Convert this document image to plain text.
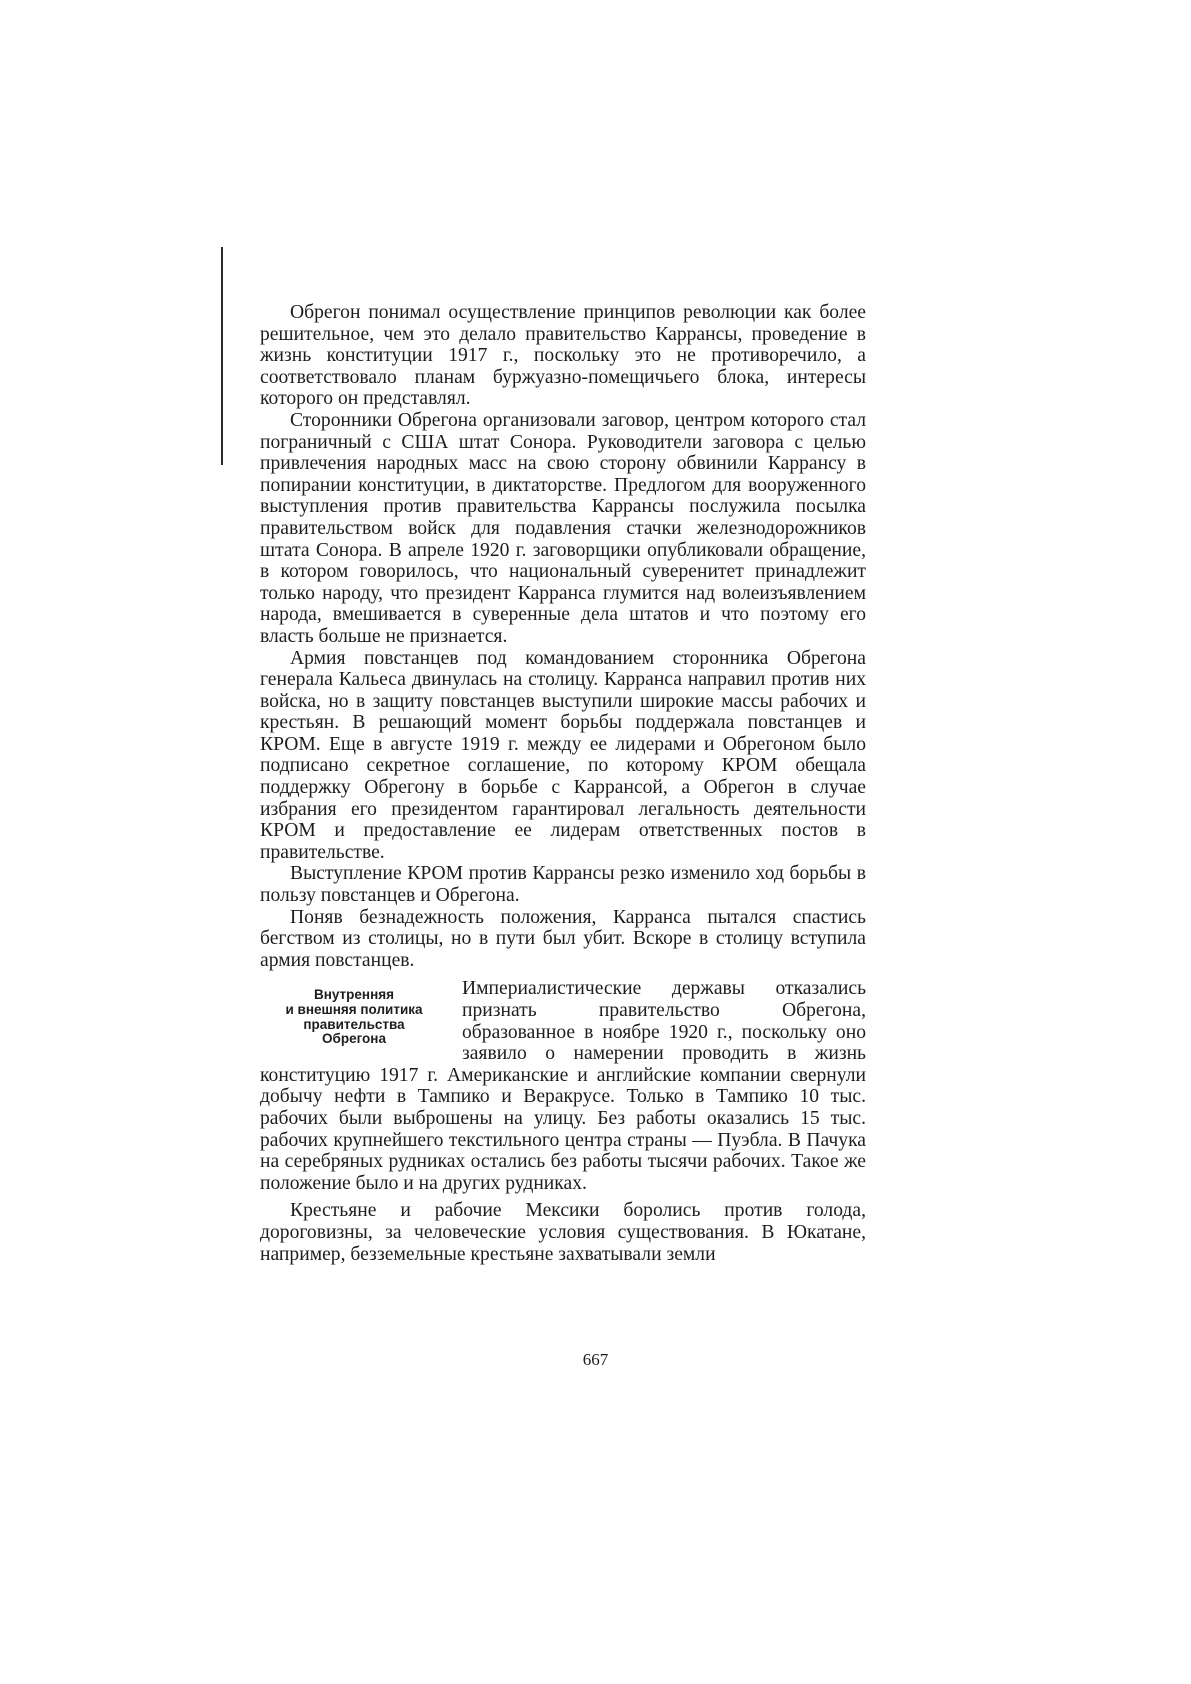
Обрегон понимал осуществление принципов революции как более решительное, чем это делало правительство Каррансы, проведение в жизнь конституции 1917 г., поскольку это не противоречило, а соответствовало планам буржуазно-помещичьего блока, интересы которого он представлял.

Сторонники Обрегона организовали заговор, центром которого стал пограничный с США штат Сонора. Руководители заговора с целью привлечения народных масс на свою сторону обвинили Каррансу в попирании конституции, в диктаторстве. Предлогом для вооруженного выступления против правительства Каррансы послужила посылка правительством войск для подавления стачки железнодорожников штата Сонора. В апреле 1920 г. заговорщики опубликовали обращение, в котором говорилось, что национальный суверенитет принадлежит только народу, что президент Карранса глумится над волеизъявлением народа, вмешивается в суверенные дела штатов и что поэтому его власть больше не признается.

Армия повстанцев под командованием сторонника Обрегона генерала Кальеса двинулась на столицу. Карранса направил против них войска, но в защиту повстанцев выступили широкие массы рабочих и крестьян. В решающий момент борьбы поддержала повстанцев и КРОМ. Еще в августе 1919 г. между ее лидерами и Обрегоном было подписано секретное соглашение, по которому КРОМ обещала поддержку Обрегону в борьбе с Каррансой, а Обрегон в случае избрания его президентом гарантировал легальность деятельности КРОМ и предоставление ее лидерам ответственных постов в правительстве.

Выступление КРОМ против Каррансы резко изменило ход борьбы в пользу повстанцев и Обрегона.

Поняв безнадежность положения, Карранса пытался спастись бегством из столицы, но в пути был убит. Вскоре в столицу вступила армия повстанцев.

Внутренняя
и внешняя политика
правительства
Обрегона

Империалистические державы отказались признать правительство Обрегона, образованное в ноябре 1920 г., поскольку оно заявило о намерении проводить в жизнь конституцию 1917 г. Американские и английские компании свернули добычу нефти в Тампико и Веракрусе. Только в Тампико 10 тыс. рабочих были выброшены на улицу. Без работы оказались 15 тыс. рабочих крупнейшего текстильного центра страны — Пуэбла. В Пачука на серебряных рудниках остались без работы тысячи рабочих. Такое же положение было и на других рудниках.

Крестьяне и рабочие Мексики боролись против голода, дороговизны, за человеческие условия существования. В Юкатане, например, безземельные крестьяне захватывали земли

667
